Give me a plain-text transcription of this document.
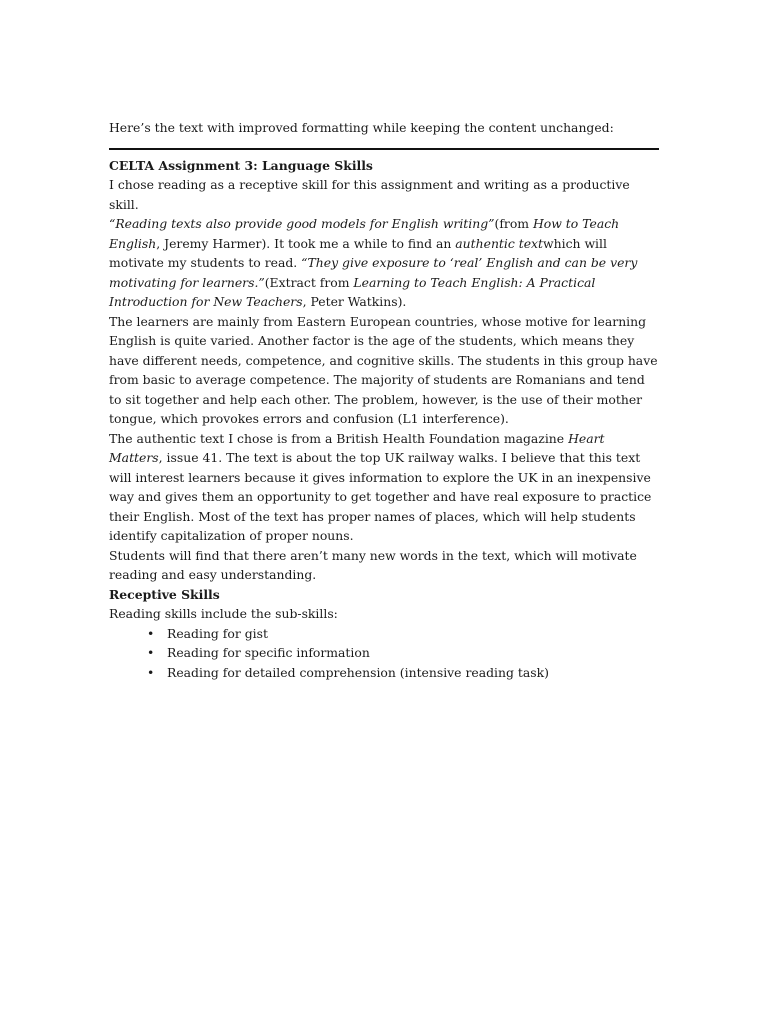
Here’s the text with improved formatting while keeping the content unchanged:

CELTA Assignment 3: Language Skills

I chose reading as a receptive skill for this assignment and writing as a productive skill.

“Reading texts also provide good models for English writing”(from How to Teach English, Jeremy Harmer). It took me a while to find an authentic textwhich will motivate my students to read. “They give exposure to ‘real’ English and can be very motivating for learners.”(Extract from Learning to Teach English: A Practical Introduction for New Teachers, Peter Watkins).

The learners are mainly from Eastern European countries, whose motive for learning English is quite varied. Another factor is the age of the students, which means they have different needs, competence, and cognitive skills. The students in this group have from basic to average competence. The majority of students are Romanians and tend to sit together and help each other. The problem, however, is the use of their mother tongue, which provokes errors and confusion (L1 interference).

The authentic text I chose is from a British Health Foundation magazine Heart Matters, issue 41. The text is about the top UK railway walks. I believe that this text will interest learners because it gives information to explore the UK in an inexpensive way and gives them an opportunity to get together and have real exposure to practice their English. Most of the text has proper names of places, which will help students identify capitalization of proper nouns.

Students will find that there aren’t many new words in the text, which will motivate reading and easy understanding.

Receptive Skills

Reading skills include the sub-skills:

• Reading for gist
• Reading for specific information
• Reading for detailed comprehension (intensive reading task)
